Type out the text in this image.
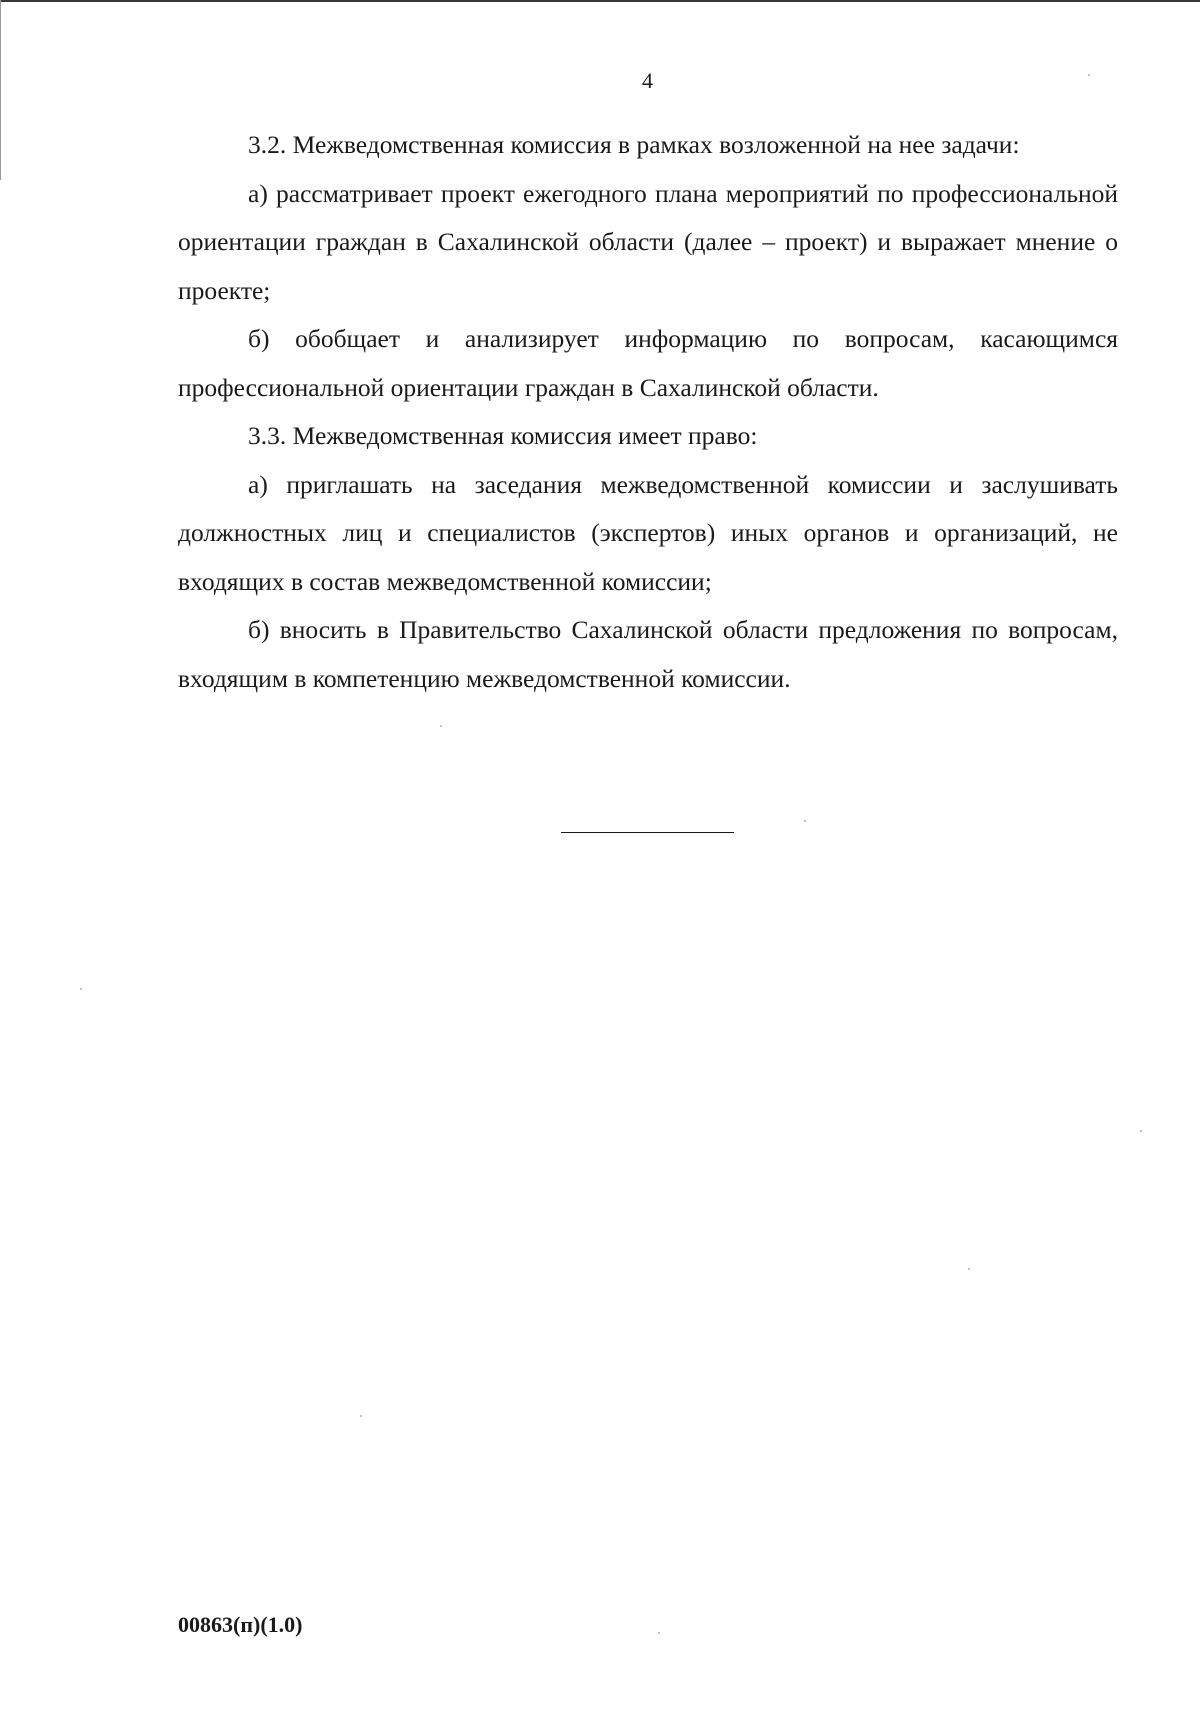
4

3.2. Межведомственная комиссия в рамках возложенной на нее задачи:

а) рассматривает проект ежегодного плана мероприятий по профессиональной ориентации граждан в Сахалинской области (далее – проект) и выражает мнение о проекте;

б) обобщает и анализирует информацию по вопросам, касающимся профессиональной ориентации граждан в Сахалинской области.

3.3. Межведомственная комиссия имеет право:

а) приглашать на заседания межведомственной комиссии и заслушивать должностных лиц и специалистов (экспертов) иных органов и организаций, не входящих в состав межведомственной комиссии;

б) вносить в Правительство Сахалинской области предложения по вопросам, входящим в компетенцию межведомственной комиссии.

00863(п)(1.0)
